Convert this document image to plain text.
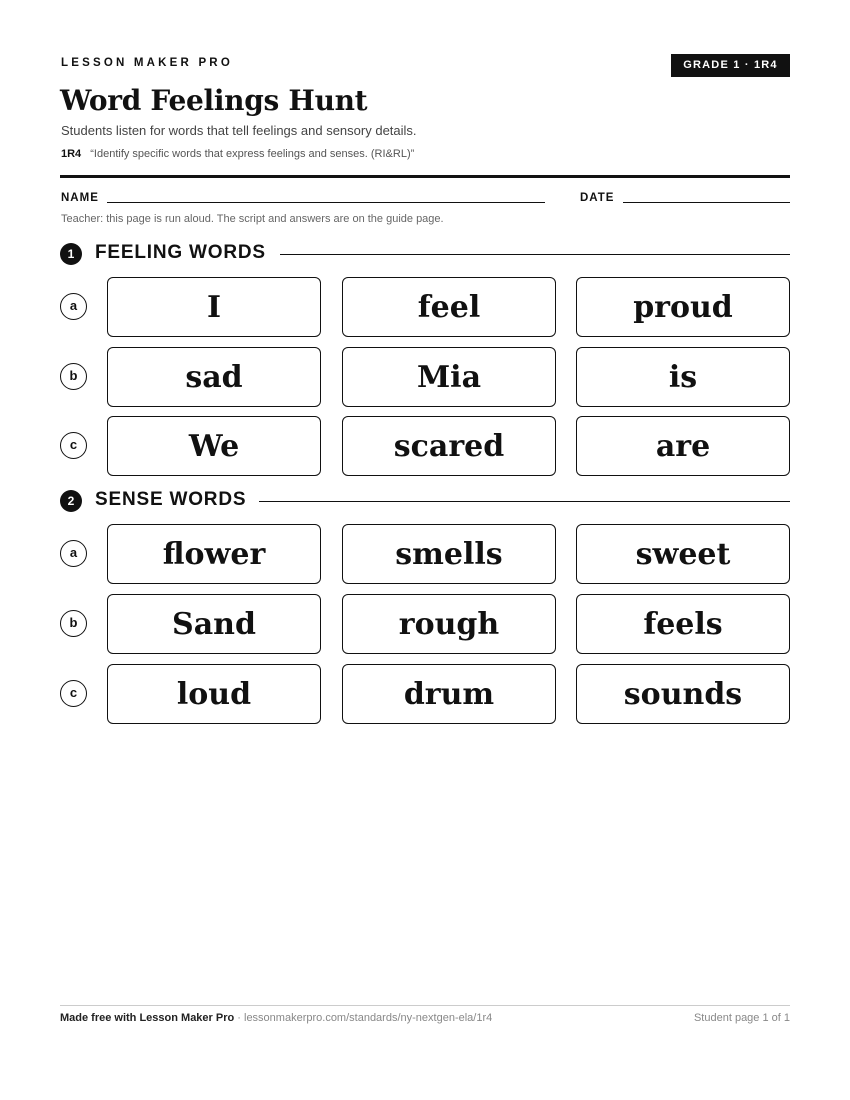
LESSON MAKER PRO	GRADE 1 · 1R4
Word Feelings Hunt
Students listen for words that tell feelings and sensory details.
1R4 “Identify specific words that express feelings and senses. (RI&RL)”
NAME	DATE
Teacher: this page is run aloud. The script and answers are on the guide page.
1	FEELING WORDS
a	I	feel	proud
b	sad	Mia	is
c	We	scared	are
2	SENSE WORDS
a	flower	smells	sweet
b	Sand	rough	feels
c	loud	drum	sounds
Made free with Lesson Maker Pro · lessonmakerpro.com/standards/ny-nextgen-ela/1r4	Student page 1 of 1
